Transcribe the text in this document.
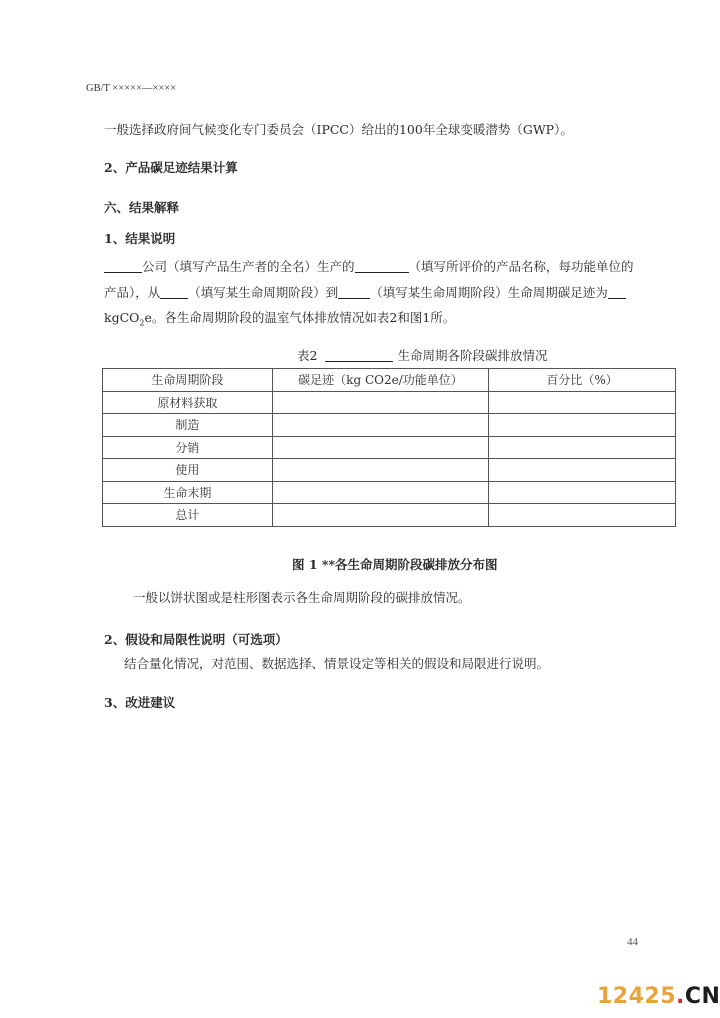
GB/T ×××××—××××
一般选择政府间气候变化专门委员会（IPCC）给出的100年全球变暖潜势（GWP）。
2、产品碳足迹结果计算
六、结果解释
1、结果说明
公司（填写产品生产者的全名）生产的	（填写所评价的产品名称，每功能单位的
产品），从 （填写某生命周期阶段）到	（填写某生命周期阶段）生命周期碳足迹为
kgCO$_2$e。各生命周期阶段的温室气体排放情况如表2和图1所。
表2	生命周期各阶段碳排放情况
生命周期阶段	碳足迹（kg CO2e/功能单位）	百分比（%）
原材料获取		
制造		
分销		
使用		
生命末期		
总计		
图 1 **各生命周期阶段碳排放分布图
一般以饼状图或是柱形图表示各生命周期阶段的碳排放情况。
2、假设和局限性说明（可选项）
结合量化情况，对范围、数据选择、情景设定等相关的假设和局限进行说明。
3、改进建议
44
12425.CN
